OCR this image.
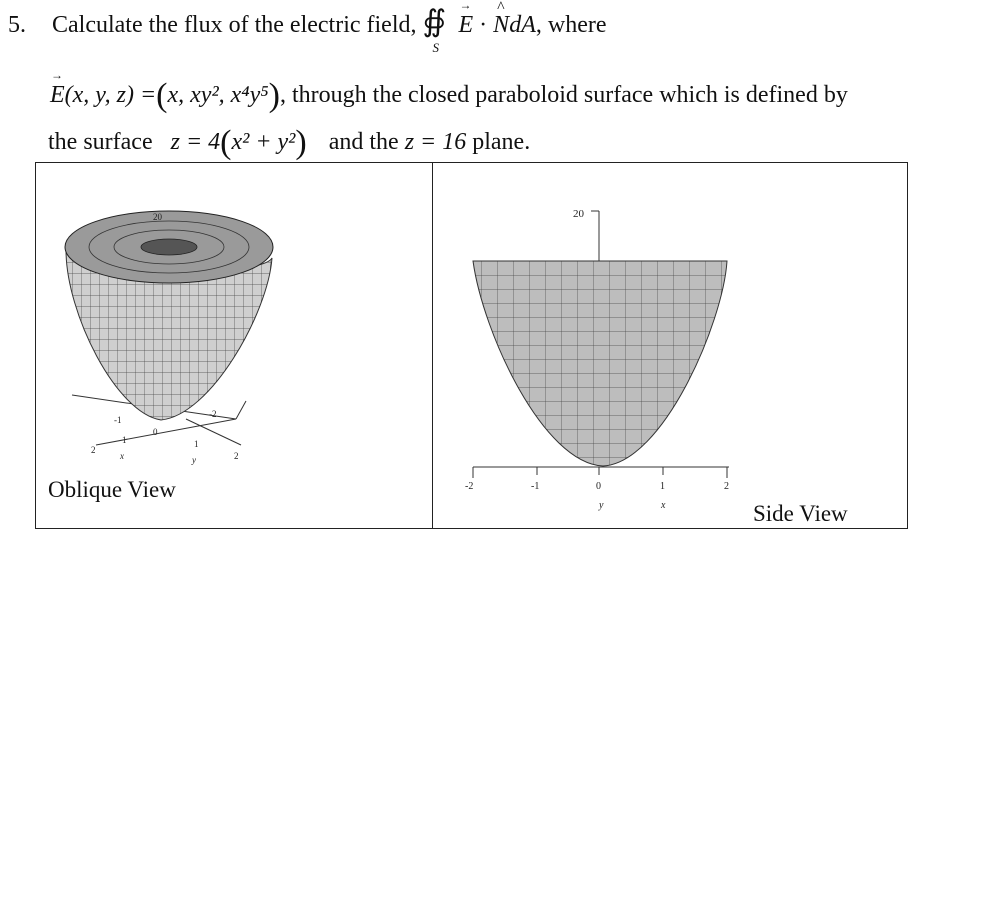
5. Calculate the flux of the electric field, ∯
S
→ E · ^ NdA, where
→ E(x, y, z) =(x, xy², x⁴y⁵), through the closed paraboloid surface which is defined by
the surface z = 4(x² + y²) and the z = 16 plane.
20
-1
1
-2
0
2
1
2
x	y
Oblique View
20
-2	-1	0	1	2
y	x	Side View
